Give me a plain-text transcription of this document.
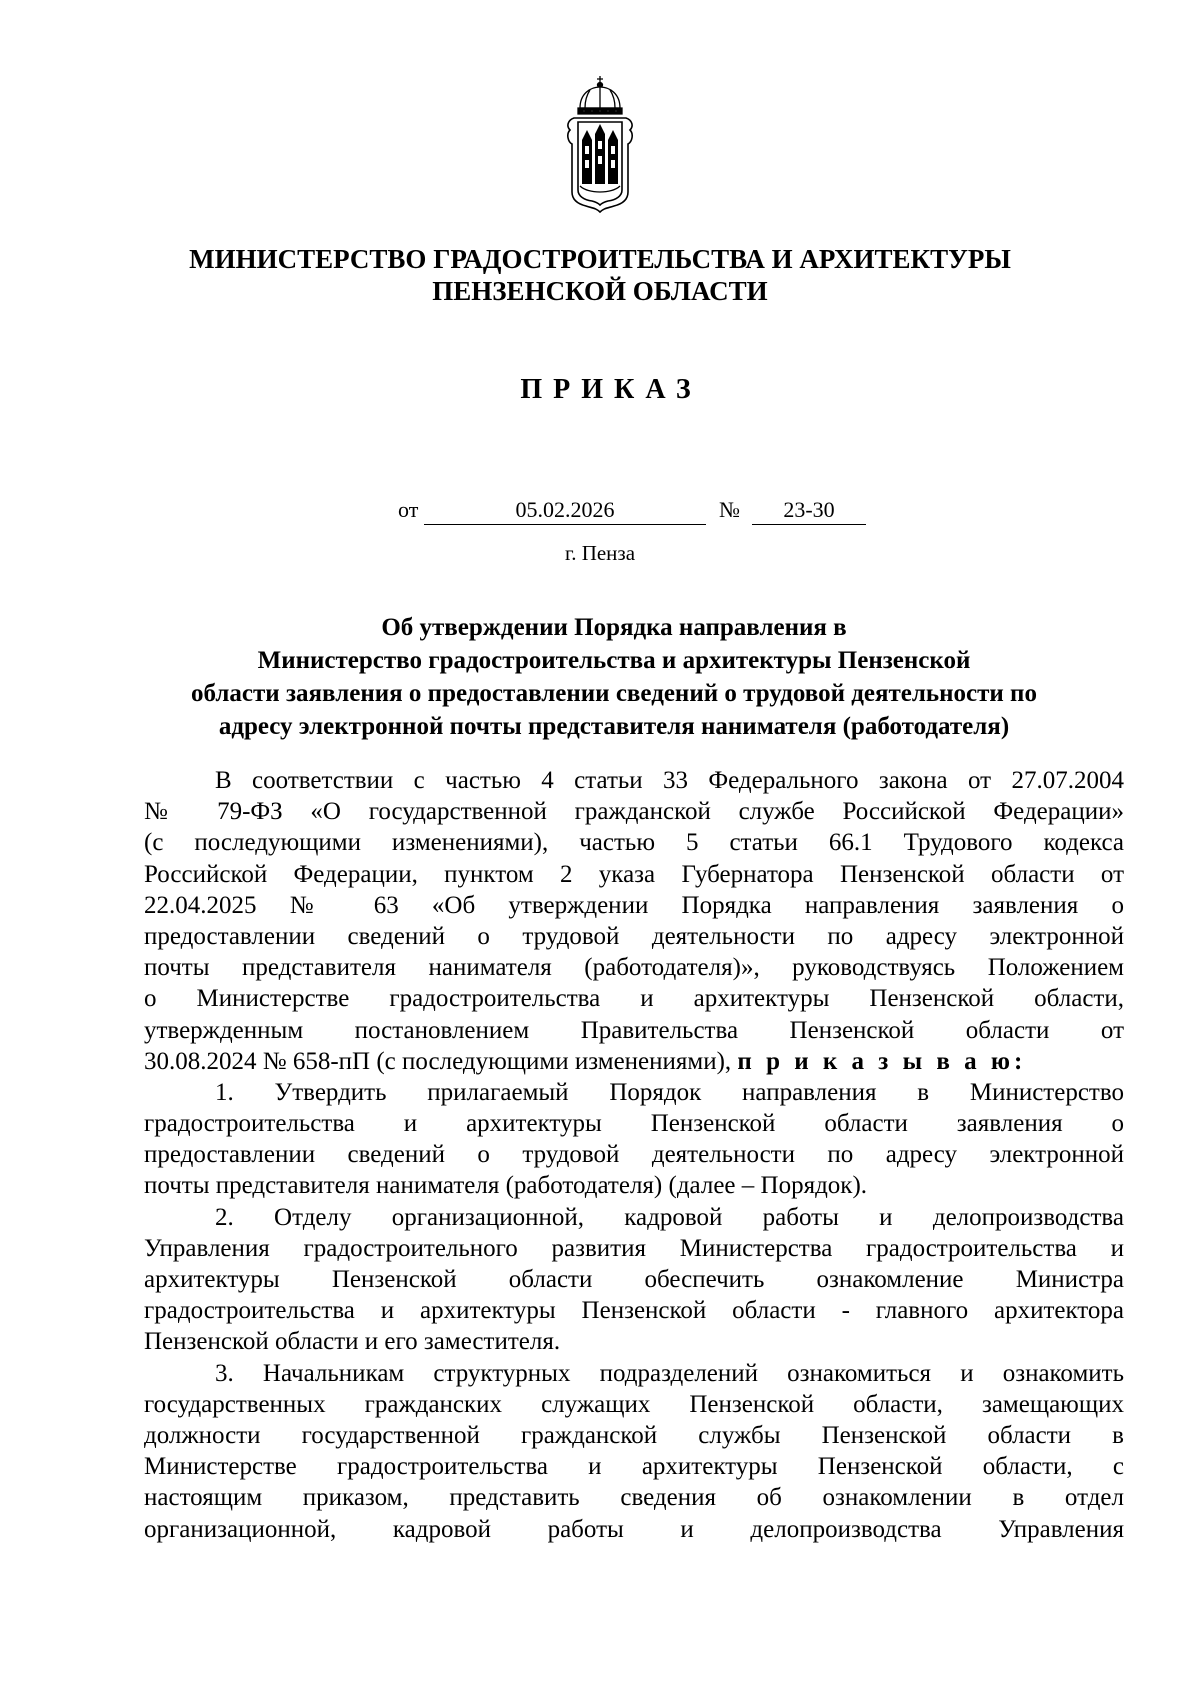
МИНИСТЕРСТВО ГРАДОСТРОИТЕЛЬСТВА И АРХИТЕКТУРЫ
ПЕНЗЕНСКОЙ ОБЛАСТИ
ПРИКАЗ
от	05.02.2026	№	23-30
г. Пенза
Об утверждении Порядка направления в
Министерство градостроительства и архитектуры Пензенской
области заявления о предоставлении сведений о трудовой деятельности по
адресу электронной почты представителя нанимателя (работодателя)
В соответствии с частью 4 статьи 33 Федерального закона от 27.07.2004
№ 79-ФЗ «О государственной гражданской службе Российской Федерации»
(с последующими изменениями), частью 5 статьи 66.1 Трудового кодекса
Российской Федерации, пунктом 2 указа Губернатора Пензенской области от
22.04.2025 № 63 «Об утверждении Порядка направления заявления о
предоставлении сведений о трудовой деятельности по адресу электронной
почты представителя нанимателя (работодателя)», руководствуясь Положением
о Министерстве градостроительства и архитектуры Пензенской области,
утвержденным постановлением Правительства Пензенской области от
30.08.2024 № 658-пП (с последующими изменениями), п р и к а з ы в а ю:
1. Утвердить прилагаемый Порядок направления в Министерство
градостроительства и архитектуры Пензенской области заявления о
предоставлении сведений о трудовой деятельности по адресу электронной
почты представителя нанимателя (работодателя) (далее – Порядок).
2. Отделу организационной, кадровой работы и делопроизводства
Управления градостроительного развития Министерства градостроительства и
архитектуры Пензенской области обеспечить ознакомление Министра
градостроительства и архитектуры Пензенской области - главного архитектора
Пензенской области и его заместителя.
3. Начальникам структурных подразделений ознакомиться и ознакомить
государственных гражданских служащих Пензенской области, замещающих
должности государственной гражданской службы Пензенской области в
Министерстве градостроительства и архитектуры Пензенской области, с
настоящим приказом, представить сведения об ознакомлении в отдел
организационной, кадровой работы и делопроизводства Управления
